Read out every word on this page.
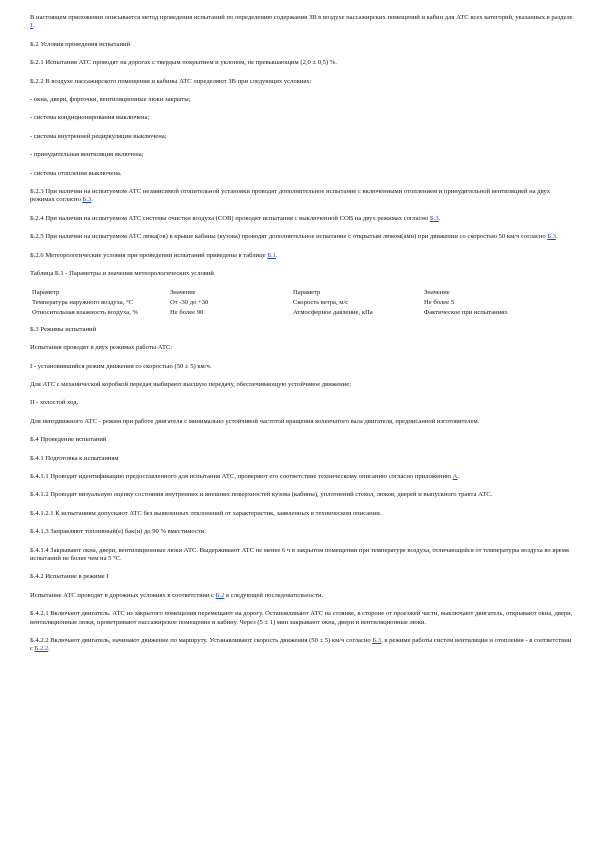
В настоящем приложении описывается метод проведения испытаний по определению содержания ЗВ в воздухе пассажирских помещений и кабин для АТС всех категорий, указанных в разделе 1.

Б.2 Условия проведения испытаний

Б.2.1 Испытания АТС проводят на дорогах с твердым покрытием и уклоном, не превышающим (2,0 ± 0,5) %.

Б.2.2 В воздухе пассажирского помещения и кабины АТС определяют ЗВ при следующих условиях:

- окна, двери, форточки, вентиляционные люки закрыты;

- система кондиционирования выключена;

- система внутренней рециркуляции выключена;

- принудительная вентиляция включена;

- система отопления выключена.

Б.2.3 При наличии на испытуемом АТС независимой отопительной установки проводят дополнительное испытание с включенными отоплением и принудительной вентиляцией на двух режимах согласно Б.3.

Б.2.4 При наличии на испытуемом АТС системы очистки воздуха (СОВ) проводят испытания с выключенной СОВ на двух режимах согласно Б.3.

Б.2.5 При наличии на испытуемом АТС люка(ов) в крыше кабины (кузова) проводят дополнительное испытание с открытым люком(ами) при движении со скоростью 50 км/ч согласно Б.3.

Б.2.6 Метеорологические условия при проведении испытаний приведены в таблице Б.1.

Таблица Б.1 - Параметры и значения метеорологических условий

Параметр	Значение	Параметр	Значение
Температура наружного воздуха, °С	От -30 до +30	Скорость ветра, м/с	Не более 5
Относительная влажность воздуха, %	Не более 90	Атмосферное давление, кПа	Фактическое при испытаниях

Б.3 Режимы испытаний

Испытания проводят в двух режимах работы АТС:

I - установившийся режим движения со скоростью (50 ± 5) км/ч.

Для АТС с механической коробкой передач выбирают высшую передачу, обеспечивающую устойчивое движение;

II - холостой ход.

Для неподвижного АТС - режим при работе двигателя с минимально устойчивой частотой вращения коленчатого вала двигателя, предписанной изготовителем.

Б.4 Проведение испытаний

Б.4.1 Подготовка к испытаниям

Б.4.1.1 Проводят идентификацию предоставленного для испытания АТС, проверяют его соответствие техническому описанию согласно приложению А.

Б.4.1.2 Проводят визуальную оценку состояния внутренних и внешних поверхностей кузова (кабины), уплотнений стекол, люков, дверей и выпускного тракта АТС.

Б.4.1.2.1 К испытаниям допускают АТС без выявленных отклонений от характеристик, заявленных в техническом описании.

Б.4.1.3 Заправляют топливный(е) бак(и) до 90 % вместимости.

Б.4.1.4 Закрывают окна, двери, вентиляционные люки АТС. Выдерживают АТС не менее 6 ч в закрытом помещении при температуре воздуха, отличающейся от температуры воздуха во время испытаний не более чем на 5 °С.

Б.4.2 Испытание в режиме I

Испытание АТС проводят в дорожных условиях в соответствии с Б.2 в следующей последовательности.

Б.4.2.1 Включают двигатель. АТС из закрытого помещения перемещают на дорогу. Останавливают АТС на стоянке, в стороне от проезжей части, выключают двигатель, открывают окна, двери, вентиляционные люки, проветривают пассажирское помещение и кабину. Через (5 ± 1) мин закрывают окна, двери и вентиляционные люки.

Б.4.2.2 Включают двигатель, начинают движение по маршруту. Устанавливают скорость движения (50 ± 5) км/ч согласно Б.3, в режиме работы систем вентиляции и отопления - в соответствии с Б.2.2.
